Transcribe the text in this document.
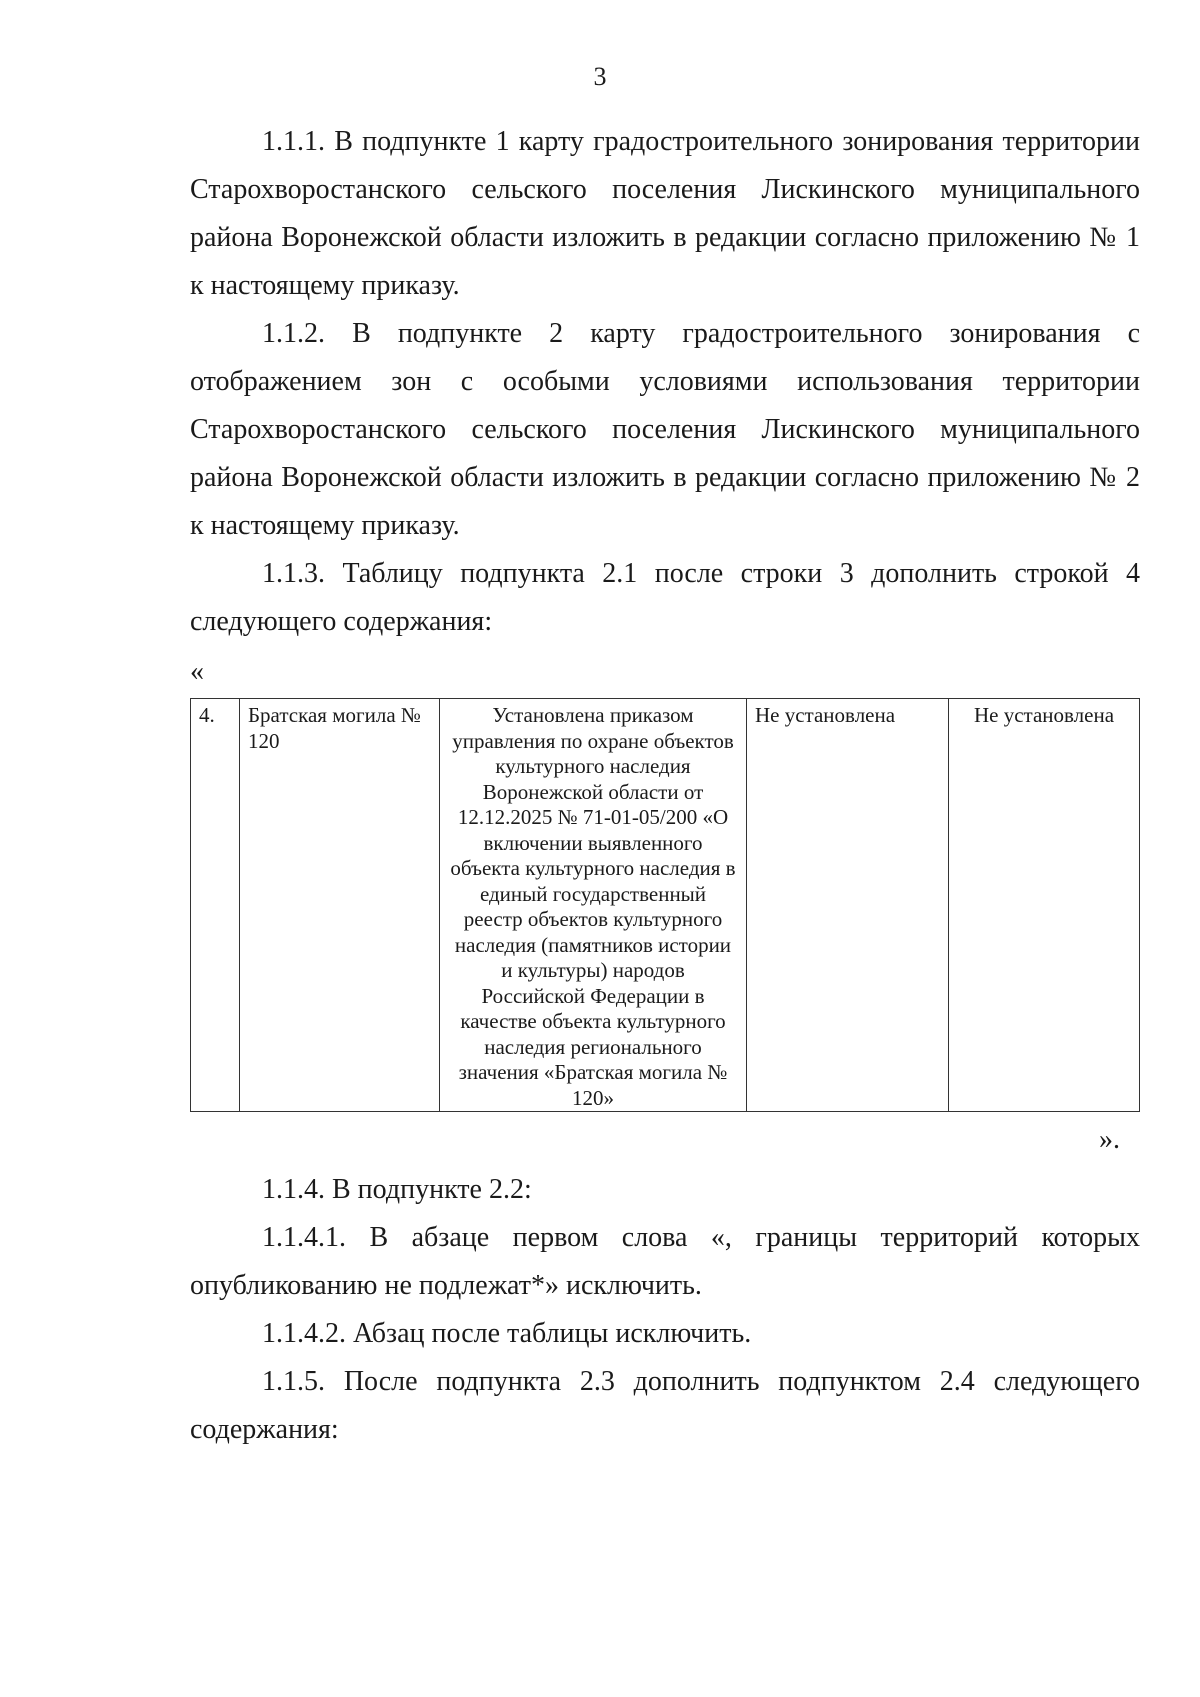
3

1.1.1. В подпункте 1 карту градостроительного зонирования территории Старохворостанского сельского поселения Лискинского муниципального района Воронежской области изложить в редакции согласно приложению № 1 к настоящему приказу.

1.1.2. В подпункте 2 карту градостроительного зонирования с отображением зон с особыми условиями использования территории Старохворостанского сельского поселения Лискинского муниципального района Воронежской области изложить в редакции согласно приложению № 2 к настоящему приказу.

1.1.3. Таблицу подпункта 2.1 после строки 3 дополнить строкой 4 следующего содержания:

«
4.	Братская могила № 120	Установлена приказом управления по охране объектов культурного наследия Воронежской области от 12.12.2025 № 71-01-05/200 «О включении выявленного объекта культурного наследия в единый государственный реестр объектов культурного наследия (памятников истории и культуры) народов Российской Федерации в качестве объекта культурного наследия регионального значения «Братская могила № 120»	Не установлена	Не установлена
».

1.1.4. В подпункте 2.2:

1.1.4.1. В абзаце первом слова «, границы территорий которых опубликованию не подлежат*» исключить.

1.1.4.2. Абзац после таблицы исключить.

1.1.5. После подпункта 2.3 дополнить подпунктом 2.4 следующего содержания:
